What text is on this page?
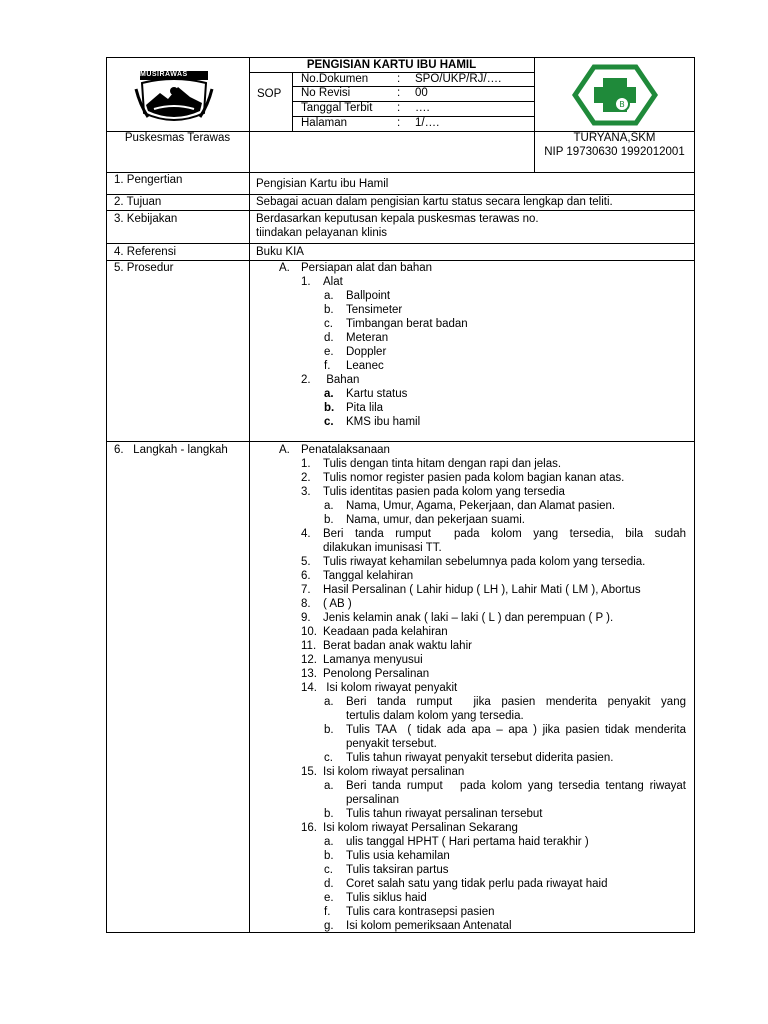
MUSIRAWAS
B
PENGISIAN KARTU IBU HAMIL
SOP
No.Dokumen	: SPO/UKP/RJ/….
No Revisi	: 00
Tanggal Terbit : ….
Halaman	: 1/….
Puskesmas Terawas	TURYANA,SKM
NIP 19730630 1992012001
1. Pengertian	Pengisian Kartu ibu Hamil
2. Tujuan	Sebagai acuan dalam pengisian kartu status secara lengkap dan teliti.
3. Kebijakan	Berdasarkan keputusan kepala puskesmas terawas no.
tiindakan pelayanan klinis
4. Referensi	Buku KIA
5. Prosedur	A. Persiapan alat dan bahan
1. Alat
a. Ballpoint
b. Tensimeter
c. Timbangan berat badan
d. Meteran
e. Doppler
f. Leanec
2. Bahan
a. Kartu status
b. Pita lila
c. KMS ibu hamil
6.   Langkah - langkah	A. Penatalaksanaan
1. Tulis dengan tinta hitam dengan rapi dan jelas.
2. Tulis nomor register pasien pada kolom bagian kanan atas.
3. Tulis identitas pasien pada kolom yang tersedia
a. Nama, Umur, Agama, Pekerjaan, dan Alamat pasien.
b. Nama, umur, dan pekerjaan suami.
4. Beri  tanda  rumput    pada  kolom  yang  tersedia,  bila  sudah
dilakukan imunisasi TT.
5. Tulis riwayat kehamilan sebelumnya pada kolom yang tersedia.
6. Tanggal kelahiran
7. Hasil Persalinan ( Lahir hidup ( LH ), Lahir Mati ( LM ), Abortus
8. ( AB )
9. Jenis kelamin anak ( laki – laki ( L ) dan perempuan ( P ).
10. Keadaan pada kelahiran
11. Berat badan anak waktu lahir
12. Lamanya menyusui
13. Penolong Persalinan
14. Isi kolom riwayat penyakit
a. Beri  tanda  rumput    jika  pasien  menderita  penyakit  yang
tertulis dalam kolom yang tersedia.
b. Tulis TAA  ( tidak ada apa – apa ) jika pasien tidak menderita
penyakit tersebut.
c. Tulis tahun riwayat penyakit tersebut diderita pasien.
15. Isi kolom riwayat persalinan
a. Beri tanda rumput   pada kolom yang tersedia tentang riwayat
persalinan
b. Tulis tahun riwayat persalinan tersebut
16. Isi kolom riwayat Persalinan Sekarang
a. ulis tanggal HPHT ( Hari pertama haid terakhir )
b. Tulis usia kehamilan
c. Tulis taksiran partus
d. Coret salah satu yang tidak perlu pada riwayat haid
e. Tulis siklus haid
f. Tulis cara kontrasepsi pasien
g. Isi kolom pemeriksaan Antenatal
